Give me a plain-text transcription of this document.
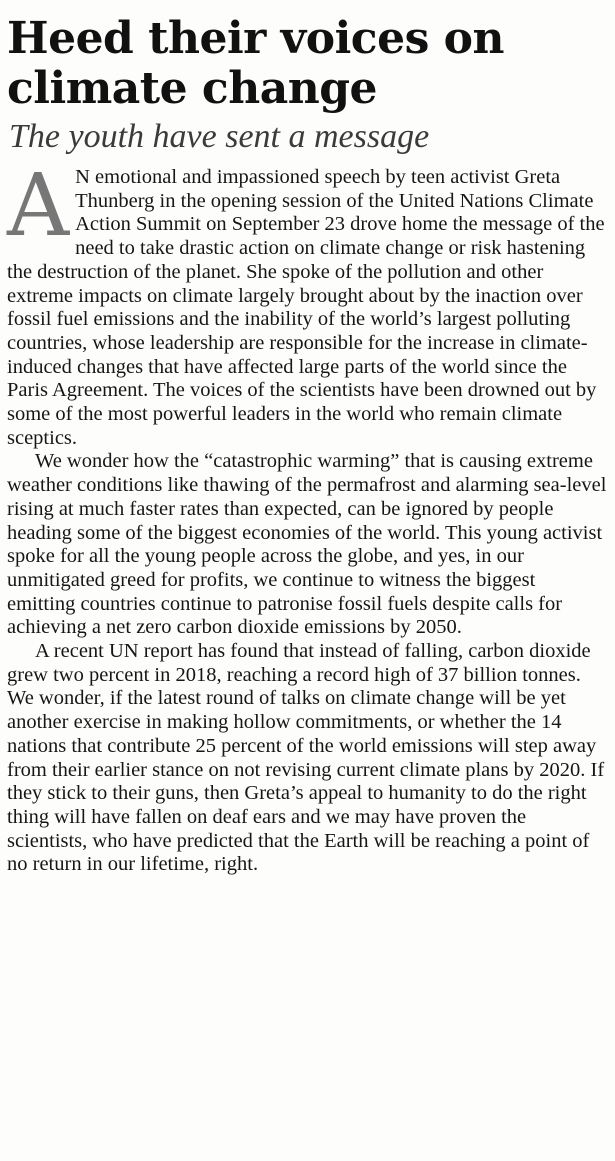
Heed their voices on climate change
The youth have sent a message

A N emotional and impassioned speech by teen activist Greta Thunberg in the opening session of the United Nations Climate Action Summit on September 23 drove home the message of the need to take drastic action on climate change or risk hastening the destruction of the planet. She spoke of the pollution and other extreme impacts on climate largely brought about by the inaction over fossil fuel emissions and the inability of the world’s largest polluting countries, whose leadership are responsible for the increase in climate-induced changes that have affected large parts of the world since the Paris Agreement. The voices of the scientists have been drowned out by some of the most powerful leaders in the world who remain climate sceptics.

We wonder how the “catastrophic warming” that is causing extreme weather conditions like thawing of the permafrost and alarming sea-level rising at much faster rates than expected, can be ignored by people heading some of the biggest economies of the world. This young activist spoke for all the young people across the globe, and yes, in our unmitigated greed for profits, we continue to witness the biggest emitting countries continue to patronise fossil fuels despite calls for achieving a net zero carbon dioxide emissions by 2050.

A recent UN report has found that instead of falling, carbon dioxide grew two percent in 2018, reaching a record high of 37 billion tonnes. We wonder, if the latest round of talks on climate change will be yet another exercise in making hollow commitments, or whether the 14 nations that contribute 25 percent of the world emissions will step away from their earlier stance on not revising current climate plans by 2020. If they stick to their guns, then Greta’s appeal to humanity to do the right thing will have fallen on deaf ears and we may have proven the scientists, who have predicted that the Earth will be reaching a point of no return in our lifetime, right.
